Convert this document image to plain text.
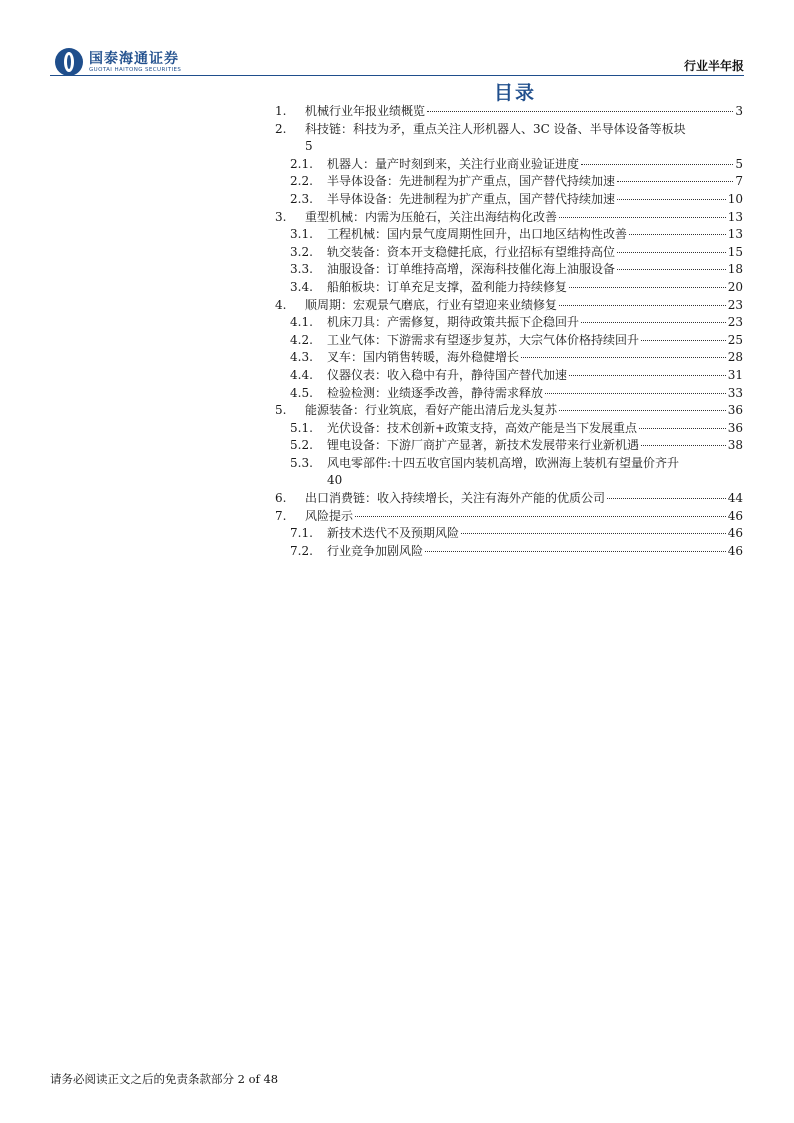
国泰海通证券
GUOTAI HAITONG SECURITIES	行业半年报
目录
1.	机械行业年报业绩概览	3
2.	科技链：科技为矛，重点关注人形机器人、3C 设备、半导体设备等板块
5
2.1.	机器人：量产时刻到来，关注行业商业验证进度	5
2.2.	半导体设备：先进制程为扩产重点，国产替代持续加速	7
2.3.	半导体设备：先进制程为扩产重点，国产替代持续加速	10
3.	重型机械：内需为压舱石，关注出海结构化改善	13
3.1.	工程机械：国内景气度周期性回升，出口地区结构性改善	13
3.2.	轨交装备：资本开支稳健托底，行业招标有望维持高位	15
3.3.	油服设备：订单维持高增，深海科技催化海上油服设备	18
3.4.	船舶板块：订单充足支撑，盈利能力持续修复	20
4.	顺周期：宏观景气磨底，行业有望迎来业绩修复	23
4.1.	机床刀具：产需修复，期待政策共振下企稳回升	23
4.2.	工业气体：下游需求有望逐步复苏，大宗气体价格持续回升	25
4.3.	叉车：国内销售转暖，海外稳健增长	28
4.4.	仪器仪表：收入稳中有升，静待国产替代加速	31
4.5.	检验检测：业绩逐季改善，静待需求释放	33
5.	能源装备：行业筑底，看好产能出清后龙头复苏	36
5.1.	光伏设备：技术创新+政策支持，高效产能是当下发展重点	36
5.2.	锂电设备：下游厂商扩产显著，新技术发展带来行业新机遇	38
5.3.	风电零部件:十四五收官国内装机高增，欧洲海上装机有望量价齐升
40
6.	出口消费链：收入持续增长，关注有海外产能的优质公司	44
7.	风险提示	46
7.1.	新技术迭代不及预期风险	46
7.2.	行业竞争加剧风险	46
请务必阅读正文之后的免责条款部分 2 of 48
